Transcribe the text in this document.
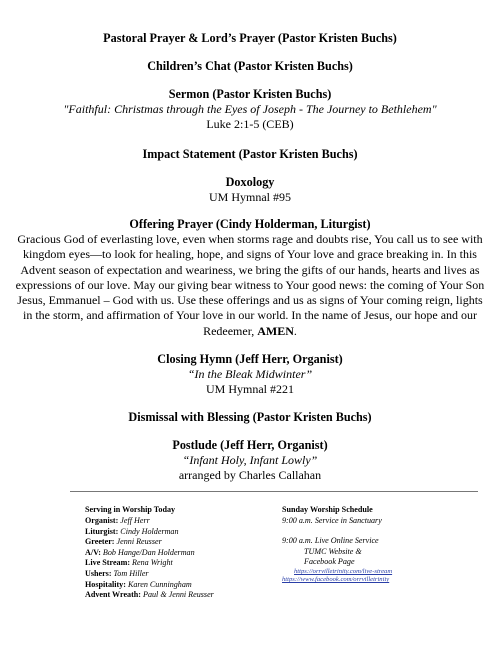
Pastoral Prayer & Lord’s Prayer (Pastor Kristen Buchs)
Children’s Chat (Pastor Kristen Buchs)
Sermon (Pastor Kristen Buchs)
"Faithful: Christmas through the Eyes of Joseph - The Journey to Bethlehem"
Luke 2:1-5 (CEB)
Impact Statement (Pastor Kristen Buchs)
Doxology
UM Hymnal #95
Offering Prayer (Cindy Holderman, Liturgist)
Gracious God of everlasting love, even when storms rage and doubts rise, You call us to see with kingdom eyes—to look for healing, hope, and signs of Your love and grace breaking in. In this Advent season of expectation and weariness, we bring the gifts of our hands, hearts and lives as expressions of our love. May our giving bear witness to Your good news: the coming of Your Son Jesus, Emmanuel – God with us. Use these offerings and us as signs of Your coming reign, lights in the storm, and affirmation of Your love in our world. In the name of Jesus, our hope and our Redeemer, AMEN.
Closing Hymn (Jeff Herr, Organist)
“In the Bleak Midwinter”
UM Hymnal #221
Dismissal with Blessing (Pastor Kristen Buchs)
Postlude (Jeff Herr, Organist)
“Infant Holy, Infant Lowly”
arranged by Charles Callahan
Serving in Worship Today
Organist: Jeff Herr
Liturgist: Cindy Holderman
Greeter: Jenni Reusser
A/V: Bob Hange/Dan Holderman
Live Stream: Rena Wright
Ushers: Tom Hiller
Hospitality: Karen Cunningham
Advent Wreath: Paul & Jenni Reusser
Sunday Worship Schedule
9:00 a.m. Service in Sanctuary
9:00 a.m. Live Online Service
TUMC Website &
Facebook Page
https://orrvilletrinity.com/live-stream
https://www.facebook.com/orrvilletrinity
